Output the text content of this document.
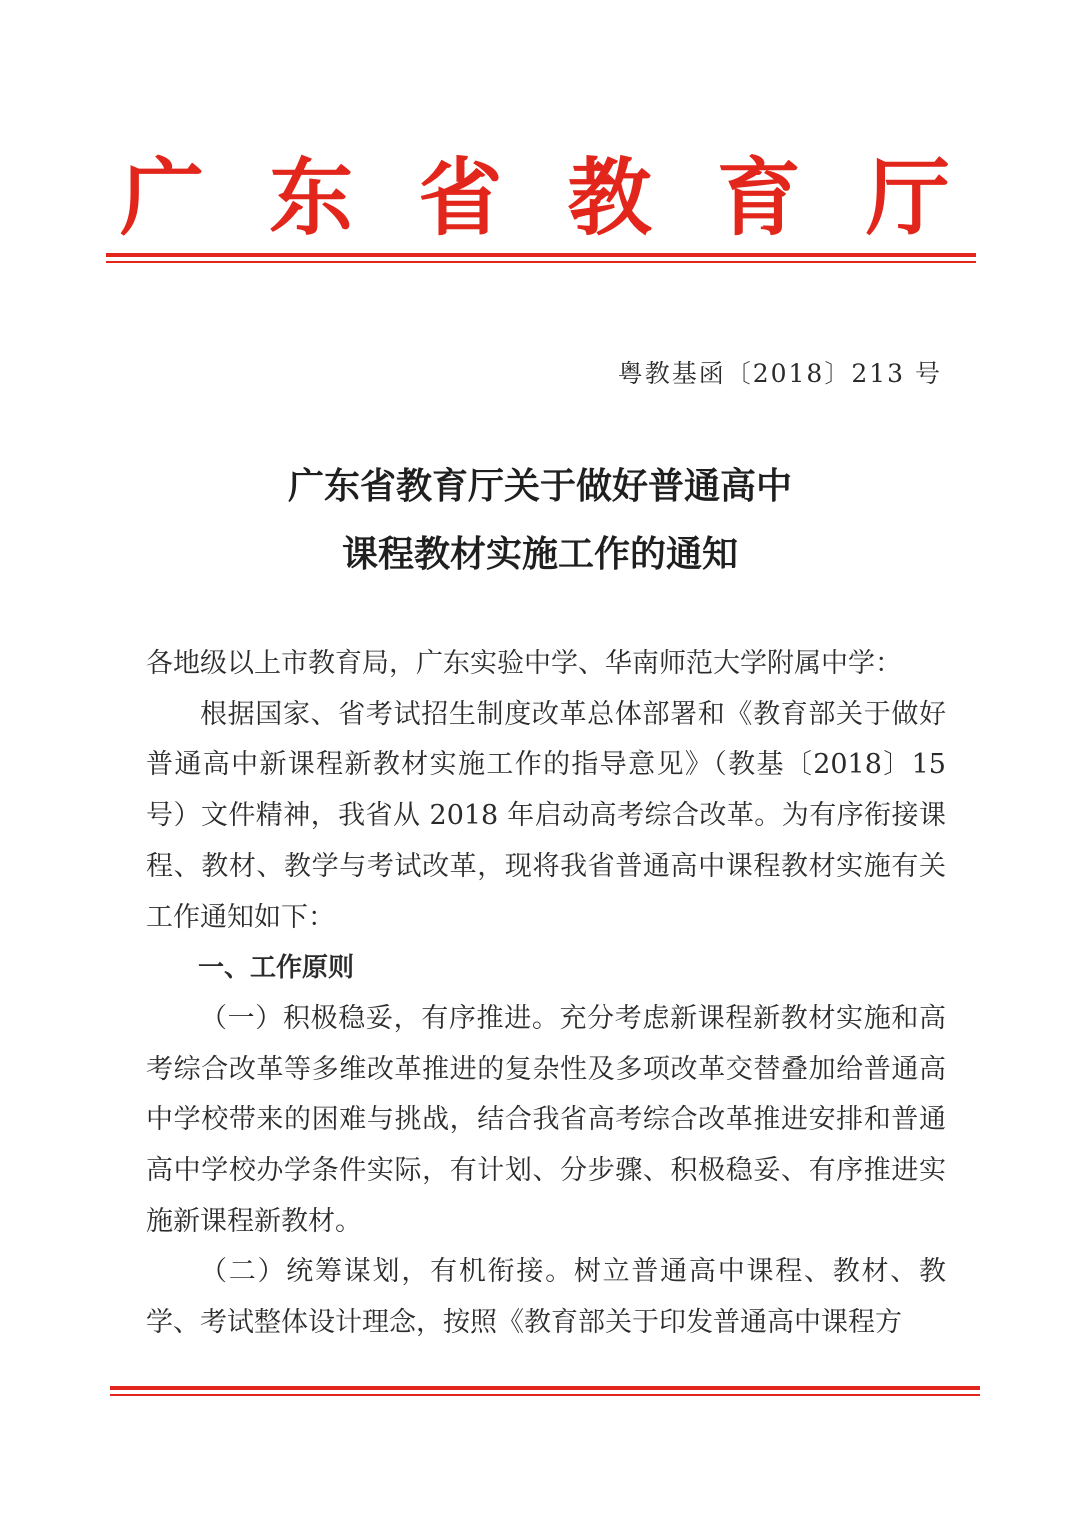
广 东 省 教 育 厅
粤教基函〔2018〕213 号
广东省教育厅关于做好普通高中
课程教材实施工作的通知

各地级以上市教育局，广东实验中学、华南师范大学附属中学：

根据国家、省考试招生制度改革总体部署和《教育部关于做好普通高中新课程新教材实施工作的指导意见》（教基〔2018〕15 号）文件精神，我省从 2018 年启动高考综合改革。为有序衔接课程、教材、教学与考试改革，现将我省普通高中课程教材实施有关工作通知如下：

一、工作原则

（一）积极稳妥，有序推进。充分考虑新课程新教材实施和高考综合改革等多维改革推进的复杂性及多项改革交替叠加给普通高中学校带来的困难与挑战，结合我省高考综合改革推进安排和普通高中学校办学条件实际，有计划、分步骤、积极稳妥、有序推进实施新课程新教材。

（二）统筹谋划，有机衔接。树立普通高中课程、教材、教学、考试整体设计理念，按照《教育部关于印发普通高中课程方
